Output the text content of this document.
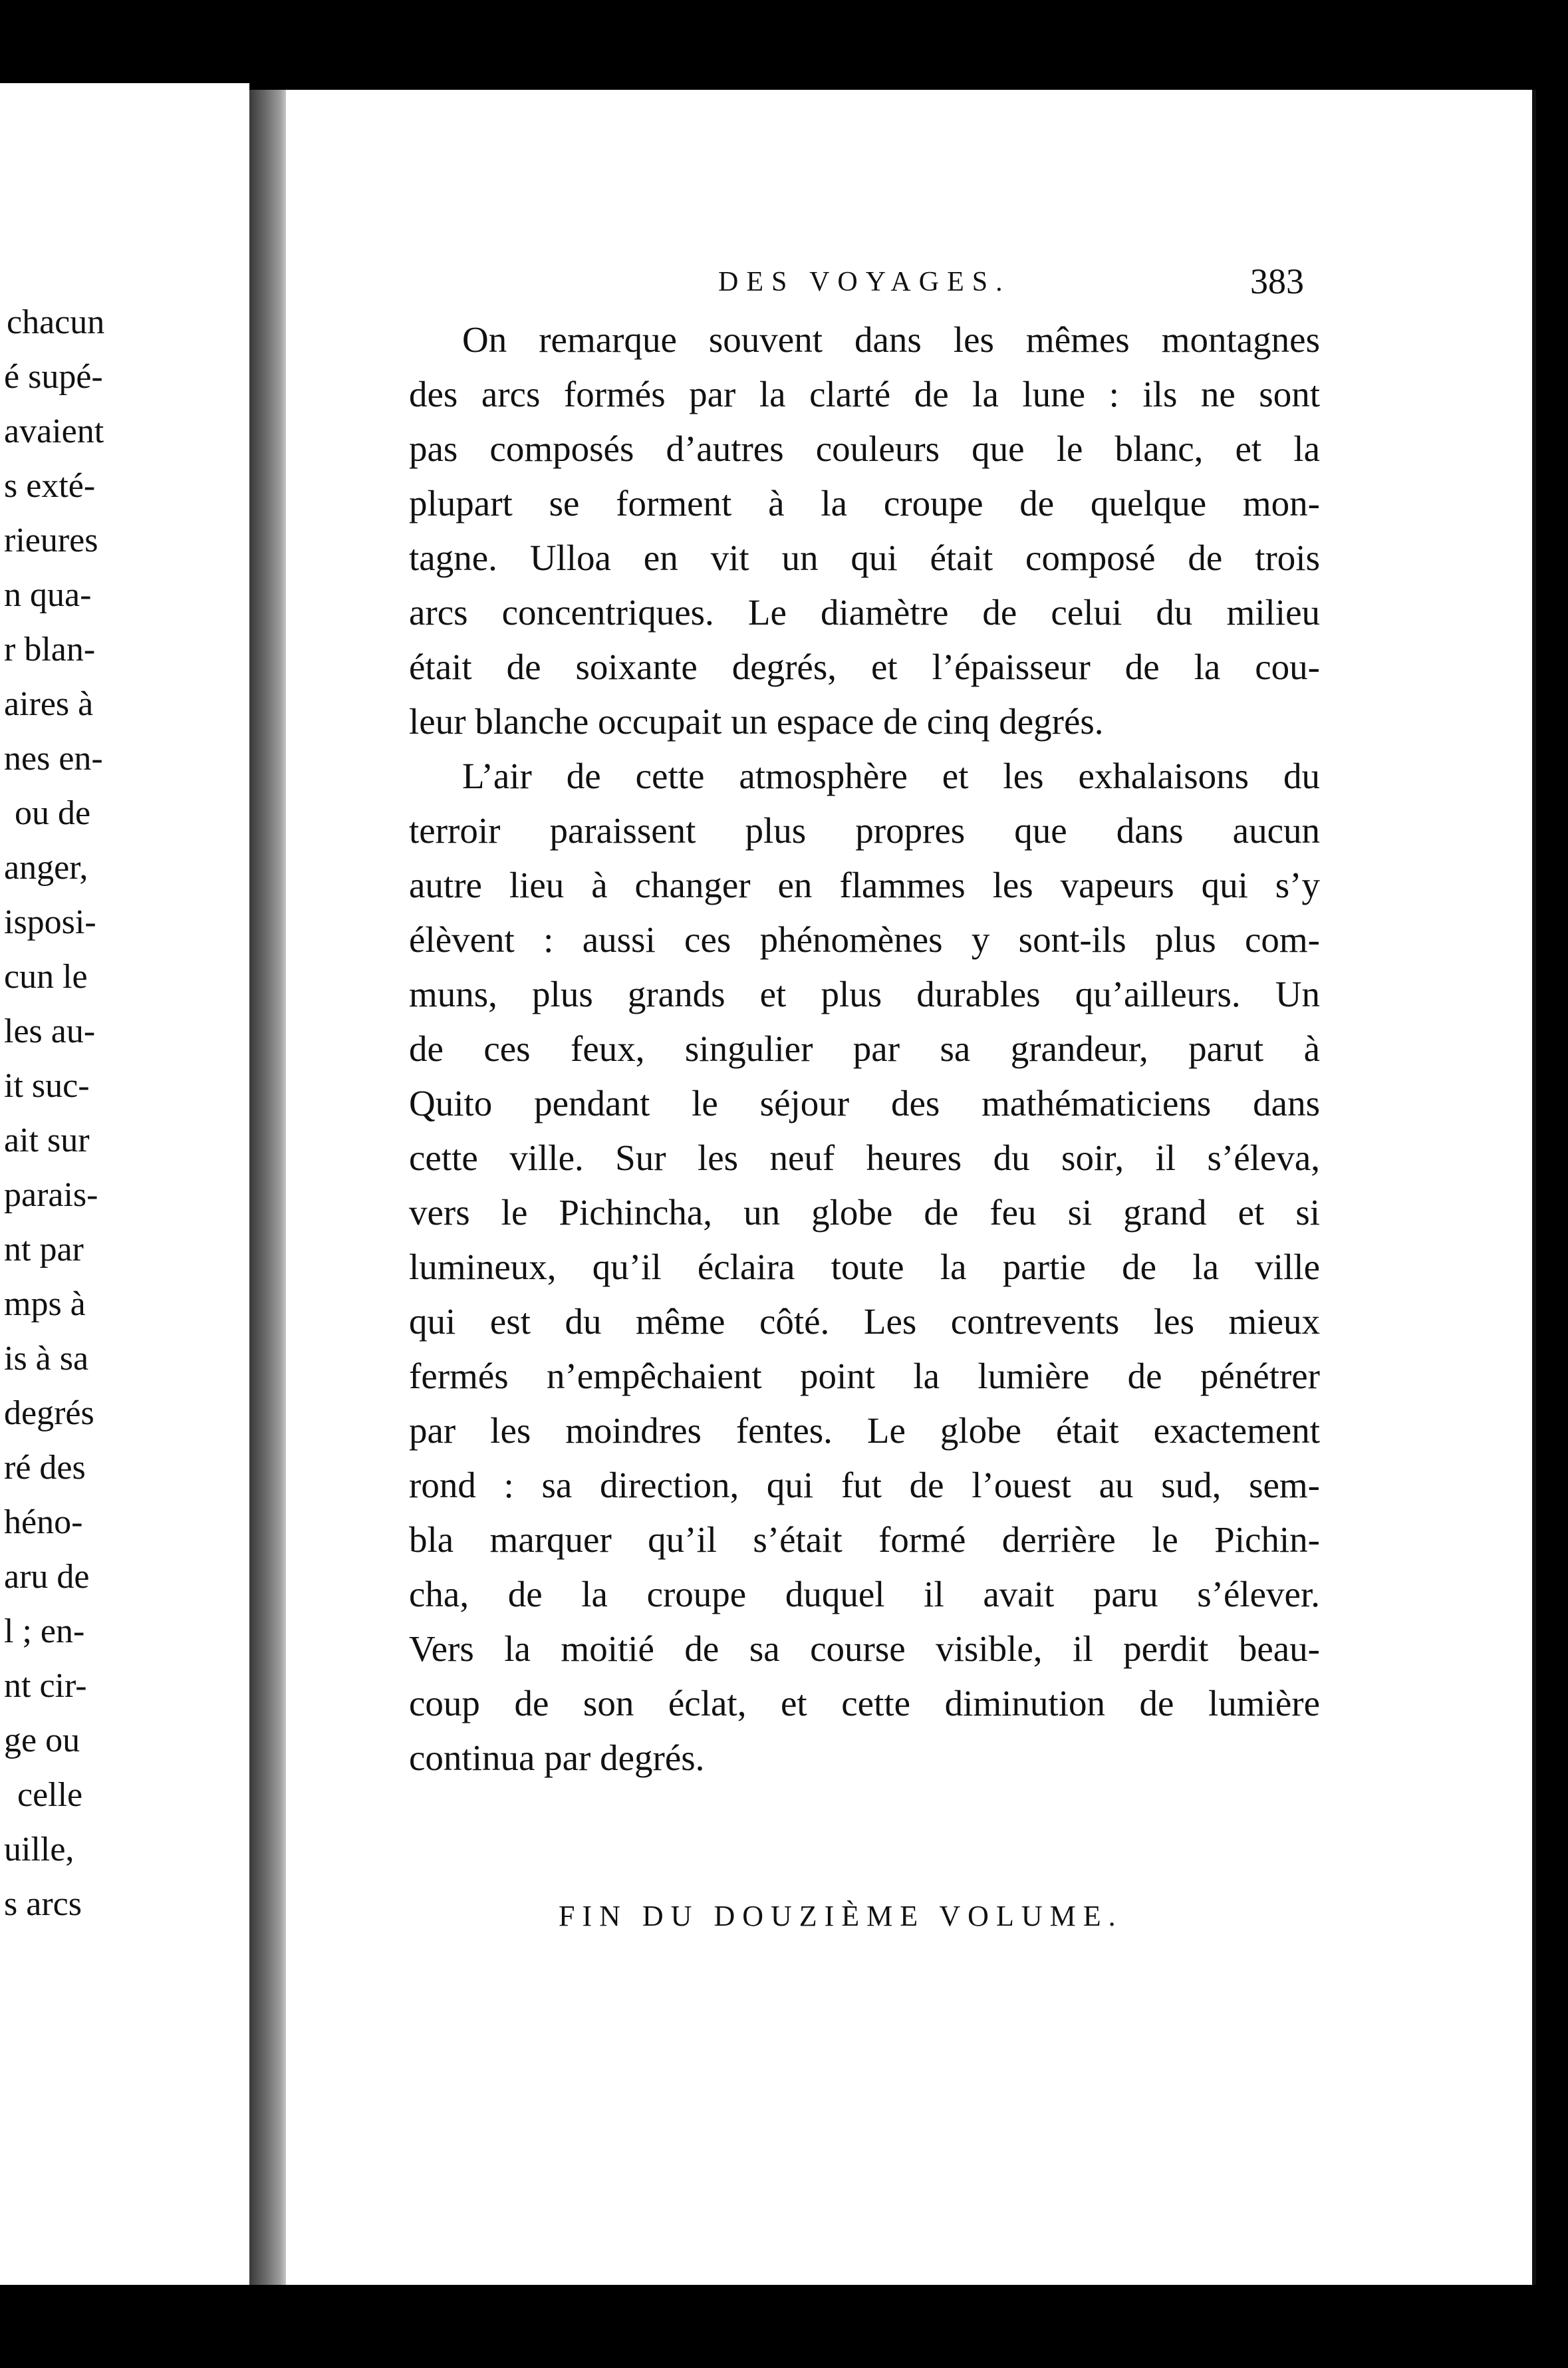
chacun
é supé-
avaient
s exté-
rieures
n qua-
r blan-
aires à
nes en-
ou de
anger,
isposi-
cun le
les au-
it suc-
ait sur
parais-
nt par
mps à
is à sa
degrés
ré des
héno-
aru de
l ; en-
nt cir-
ge ou
celle
uille,
s arcs
DES VOYAGES.	383
On remarque souvent dans les mêmes montagnes
des arcs formés par la clarté de la lune : ils ne sont
pas composés d’autres couleurs que le blanc, et la
plupart se forment à la croupe de quelque mon-
tagne. Ulloa en vit un qui était composé de trois
arcs concentriques. Le diamètre de celui du milieu
était de soixante degrés, et l’épaisseur de la cou-
leur blanche occupait un espace de cinq degrés.
L’air de cette atmosphère et les exhalaisons du
terroir paraissent plus propres que dans aucun
autre lieu à changer en flammes les vapeurs qui s’y
élèvent : aussi ces phénomènes y sont-ils plus com-
muns, plus grands et plus durables qu’ailleurs. Un
de ces feux, singulier par sa grandeur, parut à
Quito pendant le séjour des mathématiciens dans
cette ville. Sur les neuf heures du soir, il s’éleva,
vers le Pichincha, un globe de feu si grand et si
lumineux, qu’il éclaira toute la partie de la ville
qui est du même côté. Les contrevents les mieux
fermés n’empêchaient point la lumière de pénétrer
par les moindres fentes. Le globe était exactement
rond : sa direction, qui fut de l’ouest au sud, sem-
bla marquer qu’il s’était formé derrière le Pichin-
cha, de la croupe duquel il avait paru s’élever.
Vers la moitié de sa course visible, il perdit beau-
coup de son éclat, et cette diminution de lumière
continua par degrés.
FIN DU DOUZIÈME VOLUME.
